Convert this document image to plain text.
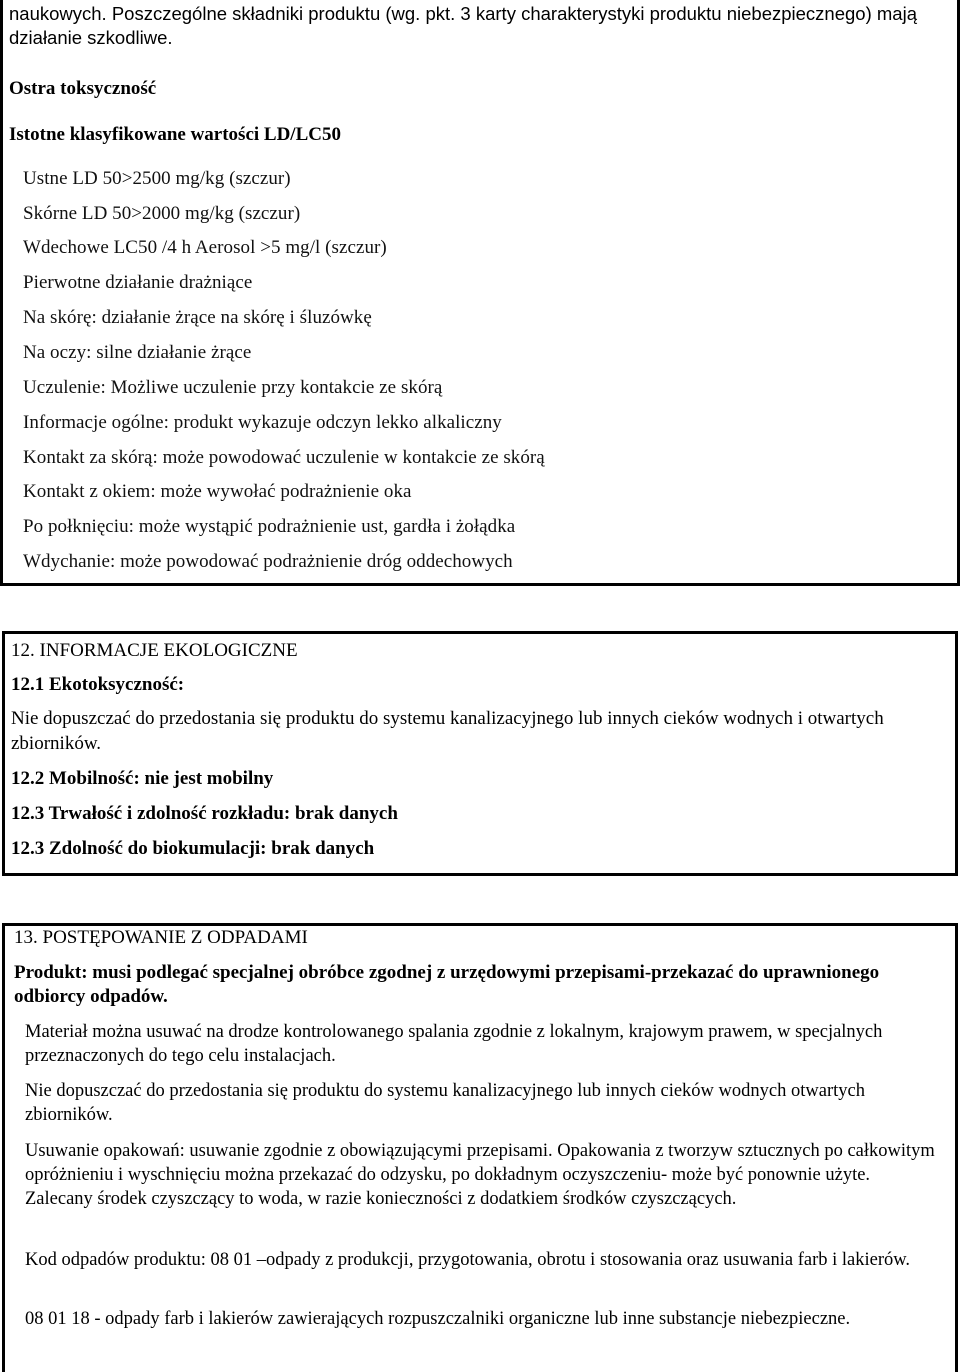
naukowych. Poszczególne składniki produktu (wg. pkt. 3 karty charakterystyki produktu niebezpiecznego) mają działanie szkodliwe.
Ostra toksyczność
Istotne klasyfikowane wartości LD/LC50
Ustne LD 50>2500 mg/kg (szczur)
Skórne LD 50>2000 mg/kg (szczur)
Wdechowe LC50 /4 h Aerosol >5 mg/l (szczur)
Pierwotne działanie drażniące
Na skórę: działanie żrące na skórę i śluzówkę
Na oczy: silne działanie żrące
Uczulenie: Możliwe uczulenie przy kontakcie ze skórą
Informacje ogólne: produkt wykazuje odczyn lekko alkaliczny
Kontakt za skórą: może powodować uczulenie w kontakcie ze skórą
Kontakt z okiem: może wywołać podrażnienie oka
Po połknięciu: może wystąpić podrażnienie ust, gardła i żołądka
Wdychanie: może powodować podrażnienie dróg oddechowych
12. INFORMACJE EKOLOGICZNE
12.1 Ekotoksyczność:
Nie dopuszczać do przedostania się produktu do systemu kanalizacyjnego lub innych cieków wodnych i otwartych zbiorników.
12.2 Mobilność: nie jest mobilny
12.3 Trwałość i zdolność rozkładu: brak danych
12.3 Zdolność do biokumulacji: brak danych
13. POSTĘPOWANIE Z ODPADAMI
Produkt: musi podlegać specjalnej obróbce zgodnej z urzędowymi przepisami-przekazać do uprawnionego odbiorcy odpadów.
Materiał można usuwać na drodze kontrolowanego spalania zgodnie z lokalnym, krajowym prawem, w specjalnych przeznaczonych do tego celu instalacjach.
Nie dopuszczać do przedostania się produktu do systemu kanalizacyjnego lub innych cieków wodnych otwartych zbiorników.
Usuwanie opakowań: usuwanie zgodnie z obowiązującymi przepisami. Opakowania z tworzyw sztucznych po całkowitym opróżnieniu i wyschnięciu można przekazać do odzysku, po dokładnym oczyszczeniu- może być ponownie użyte. Zalecany środek czyszczący to woda, w razie konieczności z dodatkiem środków czyszczących.
Kod odpadów produktu: 08 01 –odpady z produkcji, przygotowania, obrotu i stosowania oraz usuwania farb i lakierów.
08 01 18 - odpady farb i lakierów zawierających rozpuszczalniki organiczne lub inne substancje niebezpieczne.
